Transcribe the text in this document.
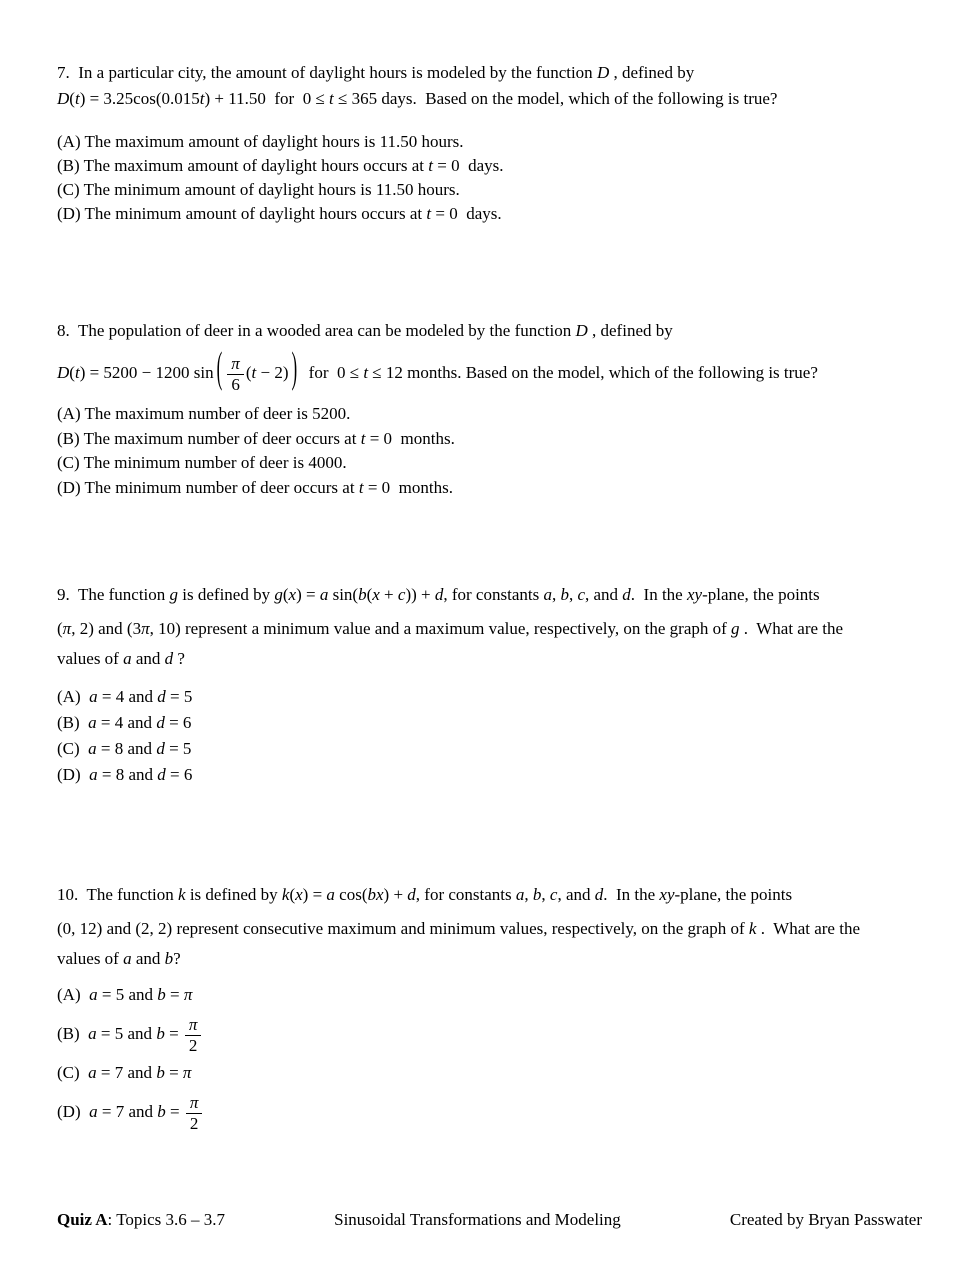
7.  In a particular city, the amount of daylight hours is modeled by the function D , defined by
D(t) = 3.25cos(0.015t) + 11.50  for  0 ≤ t ≤ 365 days.  Based on the model, which of the following is true?
(A) The maximum amount of daylight hours is 11.50 hours.
(B) The maximum amount of daylight hours occurs at t = 0  days.
(C) The minimum amount of daylight hours is 11.50 hours.
(D) The minimum amount of daylight hours occurs at t = 0  days.
8.  The population of deer in a wooded area can be modeled by the function D , defined by
D(t) = 5200 − 1200 sin ( $\frac{\pi}{6} (t - 2)$ )  for  0 ≤ t ≤ 12 months. Based on the model, which of the following is true?
(A) The maximum number of deer is 5200.
(B) The maximum number of deer occurs at t = 0  months.
(C) The minimum number of deer is 4000.
(D) The minimum number of deer occurs at t = 0  months.
9.  The function g is defined by g(x) = a sin(b(x + c)) + d, for constants a, b, c, and d.  In the xy-plane, the points
(π, 2) and (3π, 10) represent a minimum value and a maximum value, respectively, on the graph of g .  What are the
values of a and d ?
(A)  a = 4 and d = 5
(B)  a = 4 and d = 6
(C)  a = 8 and d = 5
(D)  a = 8 and d = 6
10.  The function k is defined by k(x) = a cos(bx) + d, for constants a, b, c, and d.  In the xy-plane, the points
(0, 12) and (2, 2) represent consecutive maximum and minimum values, respectively, on the graph of k .  What are the
values of a and b?
(A)  a = 5 and b = π
(B)  a = 5 and $b = \frac{\pi}{2}$
(C)  a = 7 and b = π
(D)  a = 7 and $b = \frac{\pi}{2}$
Quiz A: Topics 3.6 – 3.7	Sinusoidal Transformations and Modeling	Created by Bryan Passwater
